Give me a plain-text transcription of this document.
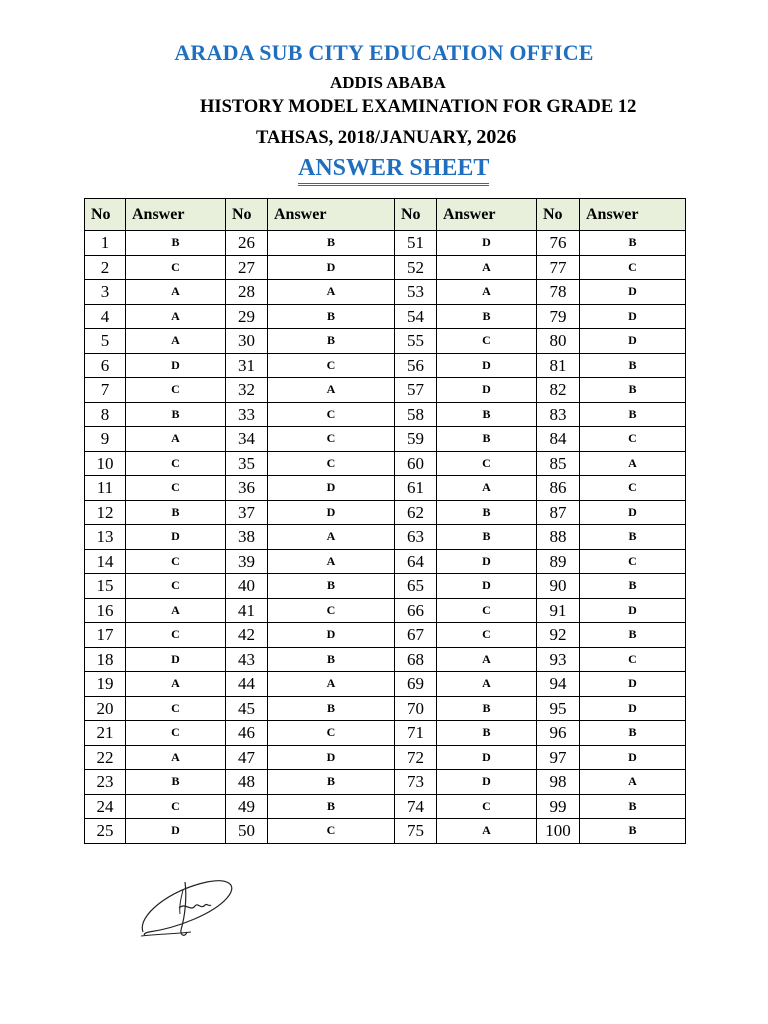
ARADA SUB CITY EDUCATION OFFICE
ADDIS ABABA
HISTORY MODEL EXAMINATION FOR GRADE 12
TAHSAS, 2018/JANUARY, 2026
ANSWER SHEET
No	Answer	No	Answer	No	Answer	No	Answer
1	B	26	B	51	D	76	B
2	C	27	D	52	A	77	C
3	A	28	A	53	A	78	D
4	A	29	B	54	B	79	D
5	A	30	B	55	C	80	D
6	D	31	C	56	D	81	B
7	C	32	A	57	D	82	B
8	B	33	C	58	B	83	B
9	A	34	C	59	B	84	C
10	C	35	C	60	C	85	A
11	C	36	D	61	A	86	C
12	B	37	D	62	B	87	D
13	D	38	A	63	B	88	B
14	C	39	A	64	D	89	C
15	C	40	B	65	D	90	B
16	A	41	C	66	C	91	D
17	C	42	D	67	C	92	B
18	D	43	B	68	A	93	C
19	A	44	A	69	A	94	D
20	C	45	B	70	B	95	D
21	C	46	C	71	B	96	B
22	A	47	D	72	D	97	D
23	B	48	B	73	D	98	A
24	C	49	B	74	C	99	B
25	D	50	C	75	A	100	B
